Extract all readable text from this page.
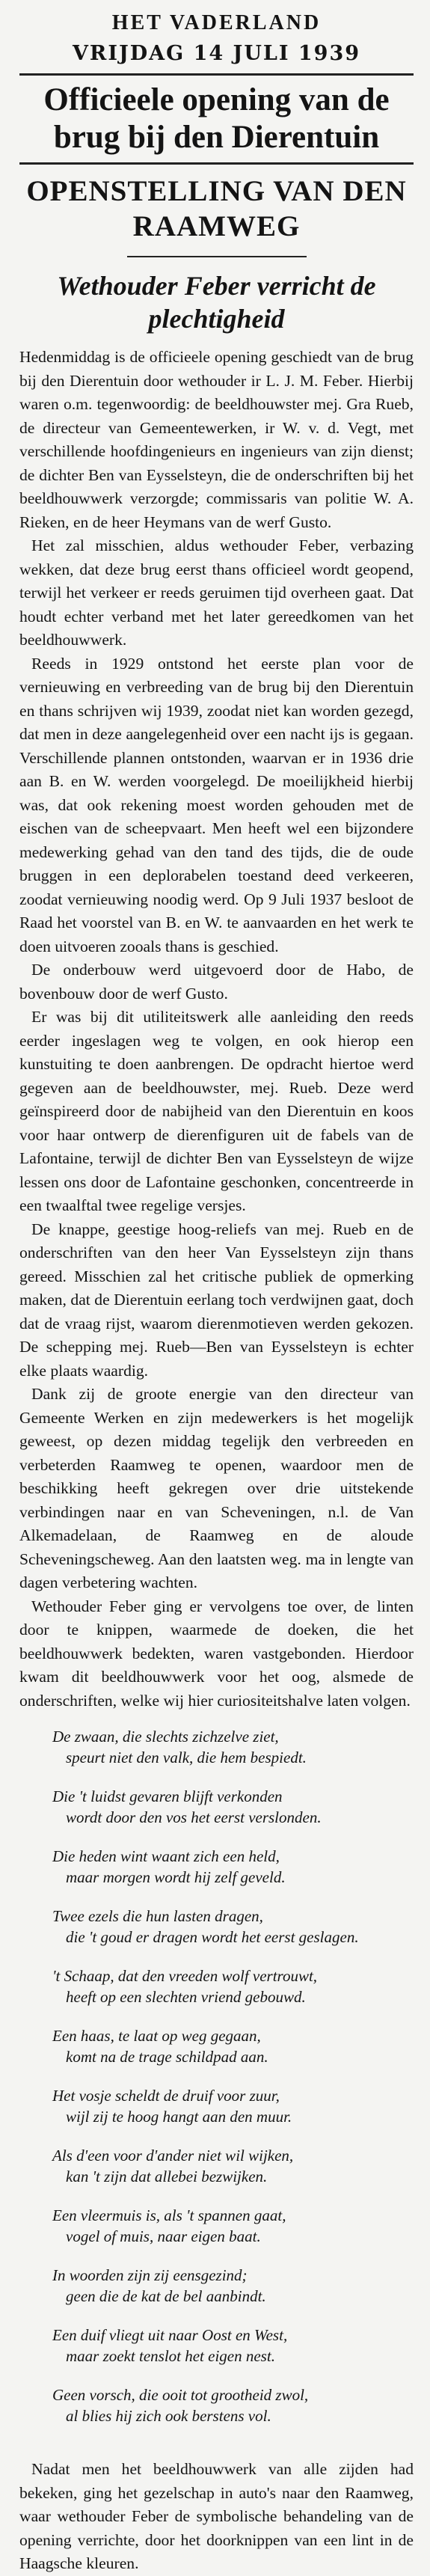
HET VADERLAND
VRIJDAG 14 JULI 1939
Officieele opening van de brug bij den Dierentuin
OPENSTELLING VAN DEN RAAMWEG
Wethouder Feber verricht de plechtigheid

Hedenmiddag is de officieele opening geschiedt van de brug bij den Dierentuin door wethouder ir L. J. M. Feber. Hierbij waren o.m. tegenwoordig: de beeldhouwster mej. Gra Rueb, de directeur van Gemeentewerken, ir W. v. d. Vegt, met verschillende hoofdingenieurs en ingenieurs van zijn dienst; de dichter Ben van Eysselsteyn, die de onderschriften bij het beeldhouwwerk verzorgde; commissaris van politie W. A. Rieken, en de heer Heymans van de werf Gusto.

Het zal misschien, aldus wethouder Feber, verbazing wekken, dat deze brug eerst thans officieel wordt geopend, terwijl het verkeer er reeds geruimen tijd overheen gaat. Dat houdt echter verband met het later gereedkomen van het beeldhouwwerk.

Reeds in 1929 ontstond het eerste plan voor de vernieuwing en verbreeding van de brug bij den Dierentuin en thans schrijven wij 1939, zoodat niet kan worden gezegd, dat men in deze aangelegenheid over een nacht ijs is gegaan. Verschillende plannen ontstonden, waarvan er in 1936 drie aan B. en W. werden voorgelegd. De moeilijkheid hierbij was, dat ook rekening moest worden gehouden met de eischen van de scheepvaart. Men heeft wel een bijzondere medewerking gehad van den tand des tijds, die de oude bruggen in een deplorabelen toestand deed verkeeren, zoodat vernieuwing noodig werd. Op 9 Juli 1937 besloot de Raad het voorstel van B. en W. te aanvaarden en het werk te doen uitvoeren zooals thans is geschied.

De onderbouw werd uitgevoerd door de Habo, de bovenbouw door de werf Gusto.

Er was bij dit utiliteitswerk alle aanleiding den reeds eerder ingeslagen weg te volgen, en ook hierop een kunstuiting te doen aanbrengen. De opdracht hiertoe werd gegeven aan de beeldhouwster, mej. Rueb. Deze werd geïnspireerd door de nabijheid van den Dierentuin en koos voor haar ontwerp de dierenfiguren uit de fabels van de Lafontaine, terwijl de dichter Ben van Eysselsteyn de wijze lessen ons door de Lafontaine geschonken, concentreerde in een twaalftal twee regelige versjes.

De knappe, geestige hoog-reliefs van mej. Rueb en de onderschriften van den heer Van Eysselsteyn zijn thans gereed. Misschien zal het critische publiek de opmerking maken, dat de Dierentuin eerlang toch verdwijnen gaat, doch dat de vraag rijst, waarom dierenmotieven werden gekozen. De schepping mej. Rueb—Ben van Eysselsteyn is echter elke plaats waardig.

Dank zij de groote energie van den directeur van Gemeente Werken en zijn medewerkers is het mogelijk geweest, op dezen middag tegelijk den verbreeden en verbeterden Raamweg te openen, waardoor men de beschikking heeft gekregen over drie uitstekende verbindingen naar en van Scheveningen, n.l. de Van Alkemadelaan, de Raamweg en de aloude Scheveningscheweg. Aan den laatsten weg. ma in lengte van dagen verbetering wachten.

Wethouder Feber ging er vervolgens toe over, de linten door te knippen, waarmede de doeken, die het beeldhouwwerk bedekten, waren vastgebonden. Hierdoor kwam dit beeldhouwwerk voor het oog, alsmede de onderschriften, welke wij hier curiositeitshalve laten volgen.

De zwaan, die slechts zichzelve ziet,
speurt niet den valk, die hem bespiedt.
Die 't luidst gevaren blijft verkonden
wordt door den vos het eerst verslonden.
Die heden wint waant zich een held,
maar morgen wordt hij zelf geveld.
Twee ezels die hun lasten dragen,
die 't goud er dragen wordt het eerst geslagen.
't Schaap, dat den vreeden wolf vertrouwt,
heeft op een slechten vriend gebouwd.
Een haas, te laat op weg gegaan,
komt na de trage schildpad aan.
Het vosje scheldt de druif voor zuur,
wijl zij te hoog hangt aan den muur.
Als d'een voor d'ander niet wil wijken,
kan 't zijn dat allebei bezwijken.
Een vleermuis is, als 't spannen gaat,
vogel of muis, naar eigen baat.
In woorden zijn zij eensgezind;
geen die de kat de bel aanbindt.
Een duif vliegt uit naar Oost en West,
maar zoekt tenslot het eigen nest.
Geen vorsch, die ooit tot grootheid zwol,
al blies hij zich ook berstens vol.

Nadat men het beeldhouwwerk van alle zijden had bekeken, ging het gezelschap in auto's naar den Raamweg, waar wethouder Feber de symbolische behandeling van de opening verrichte, door het doorknippen van een lint in de Haagsche kleuren.
